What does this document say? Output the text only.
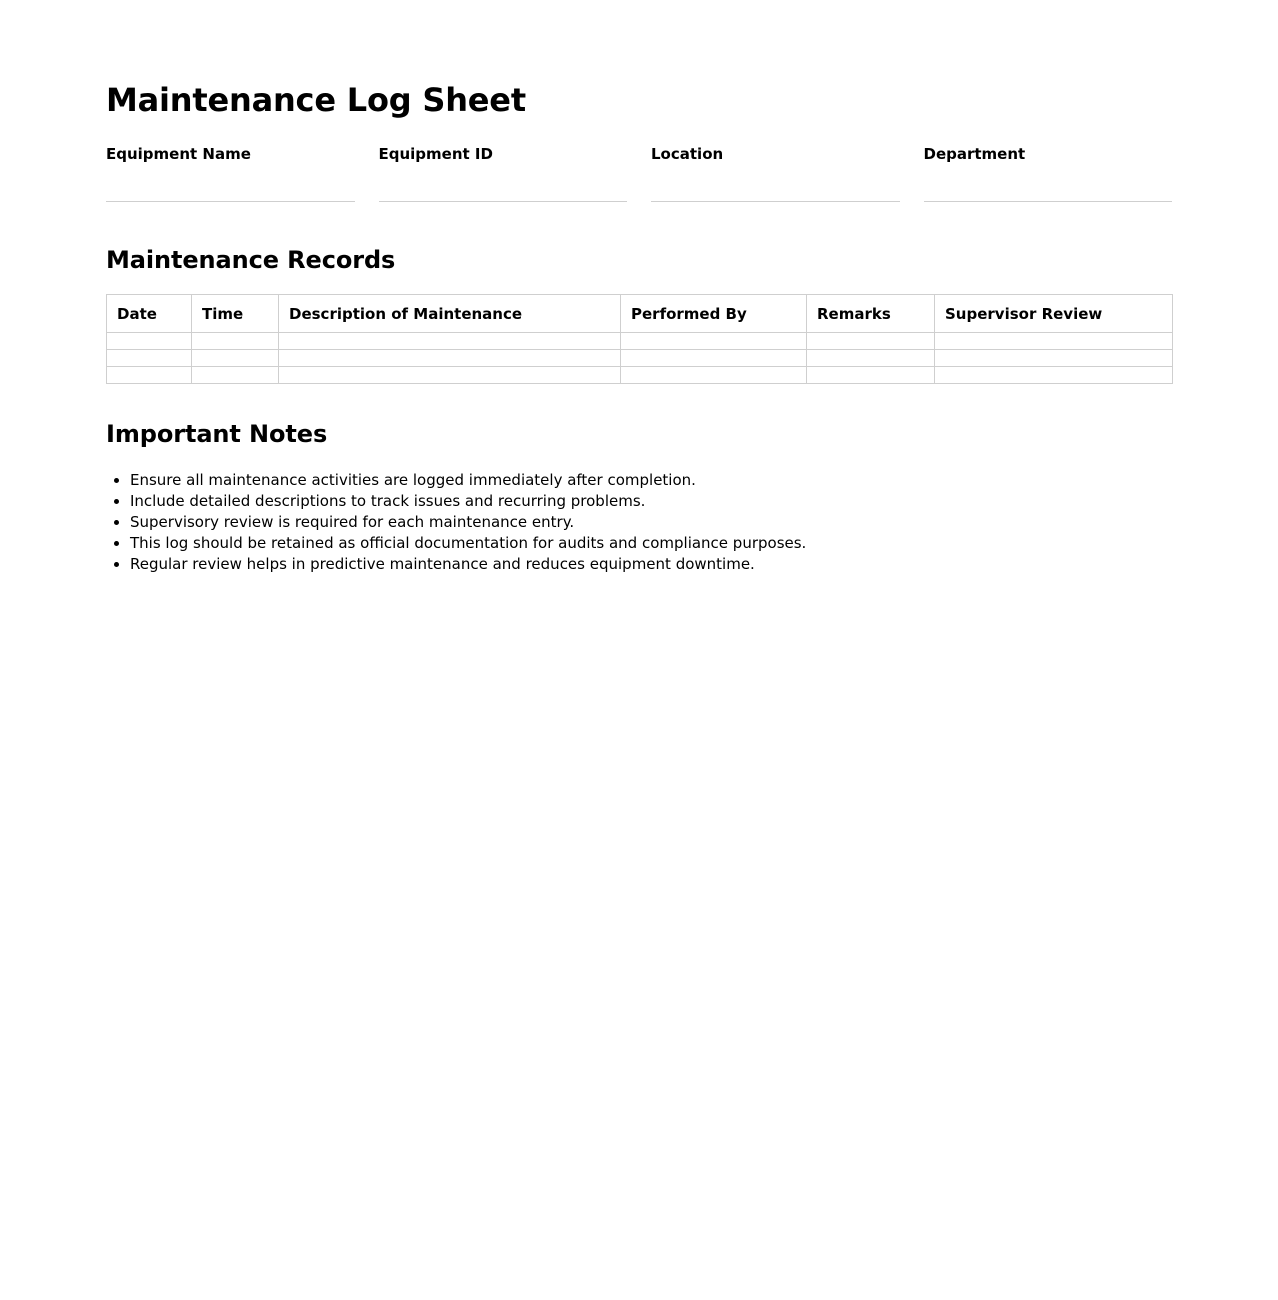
Maintenance Log Sheet
Equipment Name	Equipment ID	Location	Department
Maintenance Records
Date	Time	Description of Maintenance	Performed By	Remarks	Supervisor Review

Important Notes
• Ensure all maintenance activities are logged immediately after completion.
• Include detailed descriptions to track issues and recurring problems.
• Supervisory review is required for each maintenance entry.
• This log should be retained as official documentation for audits and compliance purposes.
• Regular review helps in predictive maintenance and reduces equipment downtime.
